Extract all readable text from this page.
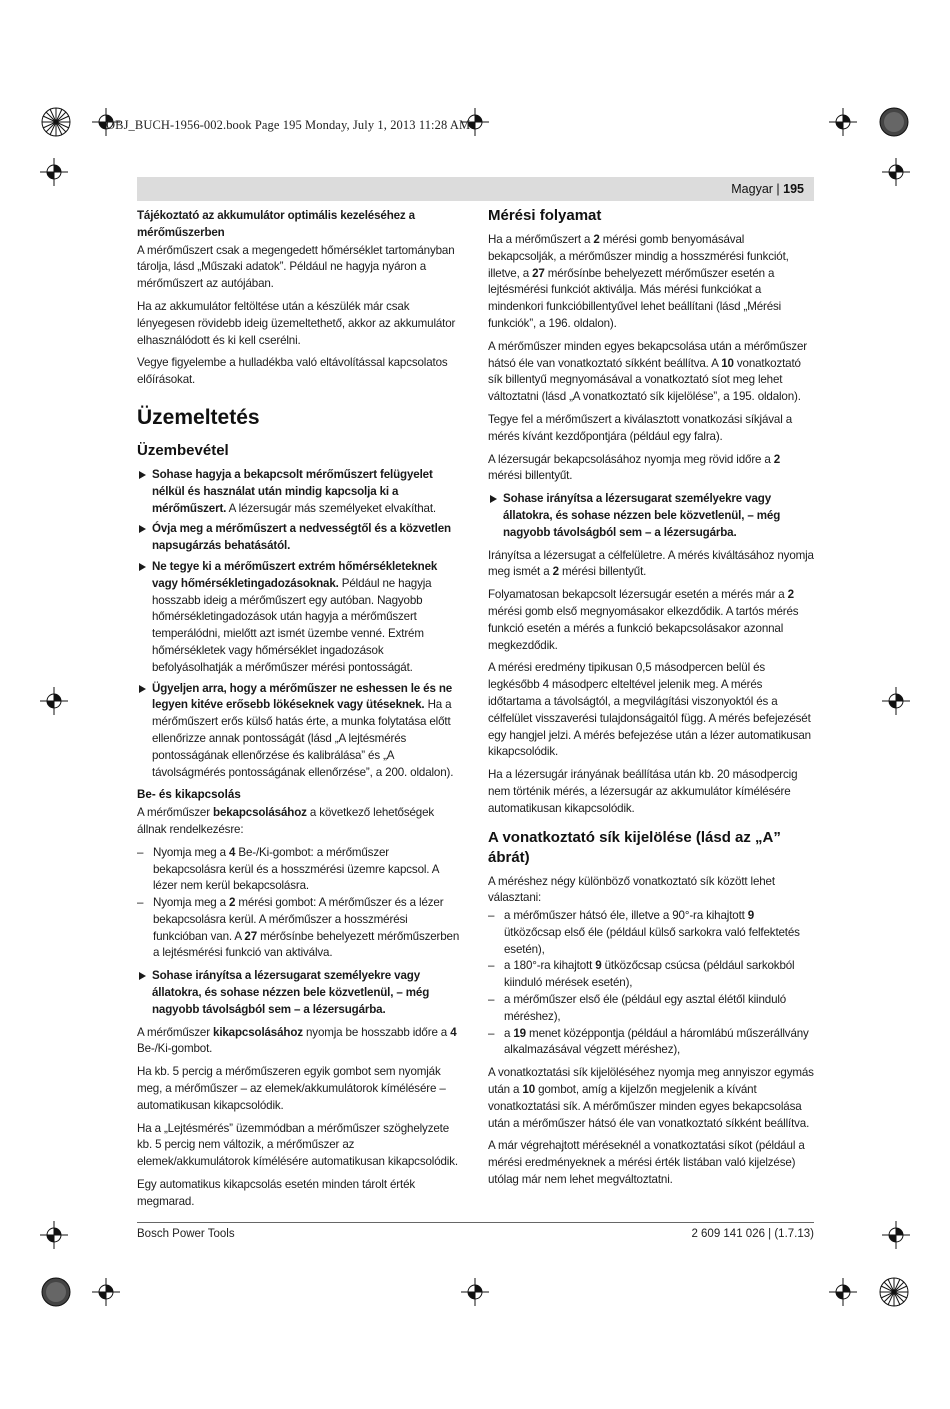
OBJ_BUCH-1956-002.book Page 195 Monday, July 1, 2013 11:28 AM
Magyar | 195

Tájékoztató az akkumulátor optimális kezeléséhez a mérőműszerben

A mérőműszert csak a megengedett hőmérséklet tartományban tárolja, lásd „Műszaki adatok”. Például ne hagyja nyáron a mérőműszert az autójában.

Ha az akkumulátor feltöltése után a készülék már csak lényegesen rövidebb ideig üzemeltethető, akkor az akkumulátor elhasználódott és ki kell cserélni.

Vegye figyelembe a hulladékba való eltávolítással kapcsolatos előírásokat.

Üzemeltetés
Üzembevétel
Sohase hagyja a bekapcsolt mérőműszert felügyelet nélkül és használat után mindig kapcsolja ki a mérőműszert. A lézersugár más személyeket elvakíthat.
Óvja meg a mérőműszert a nedvességtől és a közvetlen napsugárzás behatásától.
Ne tegye ki a mérőműszert extrém hőmérsékleteknek vagy hőmérsékletingadozásoknak. Például ne hagyja hosszabb ideig a mérőműszert egy autóban. Nagyobb hőmérsékletingadozások után hagyja a mérőműszert temperálódni, mielőtt azt ismét üzembe venné. Extrém hőmérsékletek vagy hőmérséklet ingadozások befolyásolhatják a mérőműszer mérési pontosságát.
Ügyeljen arra, hogy a mérőműszer ne eshessen le és ne legyen kitéve erősebb lökéseknek vagy ütéseknek. Ha a mérőműszert erős külső hatás érte, a munka folytatása előtt ellenőrizze annak pontosságát (lásd „A lejtésmérés pontosságának ellenőrzése és kalibrálása” és „A távolságmérés pontosságának ellenőrzése”, a 200. oldalon).
Be- és kikapcsolás

A mérőműszer bekapcsolásához a következő lehetőségek állnak rendelkezésre:

– Nyomja meg a 4 Be-/Ki-gombot: a mérőműszer bekapcsolásra kerül és a hosszmérési üzemre kapcsol. A lézer nem kerül bekapcsolásra.
– Nyomja meg a 2 mérési gombot: A mérőműszer és a lézer bekapcsolásra kerül. A mérőműszer a hosszmérési funkcióban van. A 27 mérősínbe behelyezett mérőműszerben a lejtésmérési funkció van aktiválva.
Sohase irányítsa a lézersugarat személyekre vagy állatokra, és sohase nézzen bele közvetlenül, – még nagyobb távolságból sem – a lézersugárba.

A mérőműszer kikapcsolásához nyomja be hosszabb időre a 4 Be-/Ki-gombot.

Ha kb. 5 percig a mérőműszeren egyik gombot sem nyomják meg, a mérőműszer – az elemek/akkumulátorok kímélésére – automatikusan kikapcsolódik.

Ha a „Lejtésmérés” üzemmódban a mérőműszer szöghelyzete kb. 5 percig nem változik, a mérőműszer az elemek/akkumulátorok kímélésére automatikusan kikapcsolódik.

Egy automatikus kikapcsolás esetén minden tárolt érték megmarad.

Mérési folyamat

Ha a mérőműszert a 2 mérési gomb benyomásával bekapcsolják, a mérőműszer mindig a hosszmérési funkciót, illetve, a 27 mérősínbe behelyezett mérőműszer esetén a lejtésmérési funkciót aktiválja. Más mérési funkciókat a mindenkori funkcióbillentyűvel lehet beállítani (lásd „Mérési funkciók”, a 196. oldalon).

A mérőműszer minden egyes bekapcsolása után a mérőműszer hátsó éle van vonatkoztató síkként beállítva. A 10 vonatkoztató sík billentyű megnyomásával a vonatkoztató síot meg lehet változtatni (lásd „A vonatkoztató sík kijelölése”, a 195. oldalon).

Tegye fel a mérőműszert a kiválasztott vonatkozási síkjával a mérés kívánt kezdőpontjára (például egy falra).

A lézersugár bekapcsolásához nyomja meg rövid időre a 2 mérési billentyűt.

Sohase irányítsa a lézersugarat személyekre vagy állatokra, és sohase nézzen bele közvetlenül, – még nagyobb távolságból sem – a lézersugárba.

Irányítsa a lézersugat a célfelületre. A mérés kiváltásához nyomja meg ismét a 2 mérési billentyűt.

Folyamatosan bekapcsolt lézersugár esetén a mérés már a 2 mérési gomb első megnyomásakor elkezdődik. A tartós mérés funkció esetén a mérés a funkció bekapcsolásakor azonnal megkezdődik.

A mérési eredmény tipikusan 0,5 másodpercen belül és legkésőbb 4 másodperc elteltével jelenik meg. A mérés időtartama a távolságtól, a megvilágítási viszonyoktól és a célfelület visszaverési tulajdonságaitól függ. A mérés befejezését egy hangjel jelzi. A mérés befejezése után a lézer automatikusan kikapcsolódik.

Ha a lézersugár irányának beállítása után kb. 20 másodpercig nem történik mérés, a lézersugár az akkumulátor kímélésére automatikusan kikapcsolódik.

A vonatkoztató sík kijelölése (lásd az „A” ábrát)

A méréshez négy különböző vonatkoztató sík között lehet választani:

– a mérőműszer hátsó éle, illetve a 90°-ra kihajtott 9 ütközőcsap első éle (például külső sarkokra való felfektetés esetén),
– a 180°-ra kihajtott 9 ütközőcsap csúcsa (például sarkokból kiinduló mérések esetén),
– a mérőműszer első éle (például egy asztal élétől kiinduló méréshez),
– a 19 menet középpontja (például a háromlábú műszerállvány alkalmazásával végzett méréshez),

A vonatkoztatási sík kijelöléséhez nyomja meg annyiszor egymás után a 10 gombot, amíg a kijelzőn megjelenik a kívánt vonatkoztatási sík. A mérőműszer minden egyes bekapcsolása után a mérőműszer hátsó éle van vonatkoztató síkként beállítva.

A már végrehajtott méréseknél a vonatkoztatási síkot (például a mérési eredményeknek a mérési érték listában való kijelzése) utólag már nem lehet megváltoztatni.

Bosch Power Tools	2 609 141 026 | (1.7.13)
